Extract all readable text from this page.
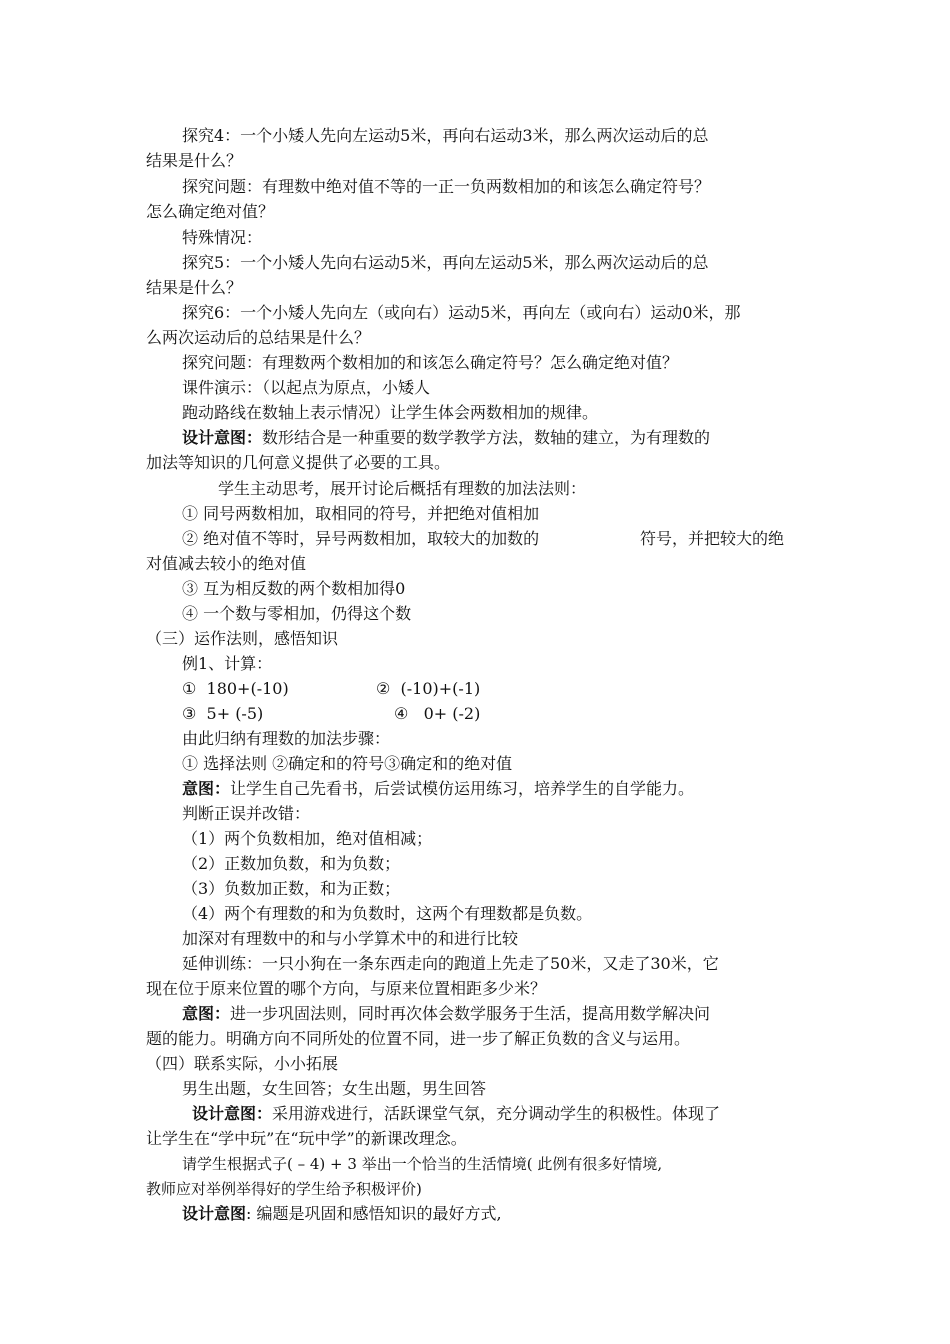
探究4：一个小矮人先向左运动5米，再向右运动3米，那么两次运动后的总
结果是什么？
探究问题：有理数中绝对值不等的一正一负两数相加的和该怎么确定符号？
怎么确定绝对值？
特殊情况：
探究5：一个小矮人先向右运动5米，再向左运动5米，那么两次运动后的总
结果是什么？
探究6：一个小矮人先向左（或向右）运动5米，再向左（或向右）运动0米，那
么两次运动后的总结果是什么？
探究问题：有理数两个数相加的和该怎么确定符号？怎么确定绝对值？
课件演示：（以起点为原点，小矮人
跑动路线在数轴上表示情况）让学生体会两数相加的规律。
设计意图：数形结合是一种重要的数学教学方法，数轴的建立，为有理数的
加法等知识的几何意义提供了必要的工具。
学生主动思考，展开讨论后概括有理数的加法法则：
① 同号两数相加，取相同的符号，并把绝对值相加
② 绝对值不等时，异号两数相加，取较大的加数的	符号，并把较大的绝
对值减去较小的绝对值
③ 互为相反数的两个数相加得0
④ 一个数与零相加，仍得这个数
（三）运作法则，感悟知识
例1、计算：
①  180+(-10)	②  (-10)+(-1)
③  5+ (-5)	④   0+ (-2)
由此归纳有理数的加法步骤：
① 选择法则 ②确定和的符号③确定和的绝对值
意图：让学生自己先看书，后尝试模仿运用练习，培养学生的自学能力。
判断正误并改错：
（1）两个负数相加，绝对值相减；
（2）正数加负数，和为负数；
（3）负数加正数，和为正数；
（4）两个有理数的和为负数时，这两个有理数都是负数。
加深对有理数中的和与小学算术中的和进行比较
延伸训练：一只小狗在一条东西走向的跑道上先走了50米，又走了30米，它
现在位于原来位置的哪个方向，与原来位置相距多少米？
意图：进一步巩固法则，同时再次体会数学服务于生活，提高用数学解决问
题的能力。明确方向不同所处的位置不同，进一步了解正负数的含义与运用。
（四）联系实际，小小拓展
男生出题，女生回答；女生出题，男生回答
设计意图：采用游戏进行，活跃课堂气氛，充分调动学生的积极性。体现了
让学生在“学中玩”在“玩中学”的新课改理念。
请学生根据式子( – 4) + 3 举出一个恰当的生活情境( 此例有很多好情境,
教师应对举例举得好的学生给予积极评价)
设计意图: 编题是巩固和感悟知识的最好方式,
